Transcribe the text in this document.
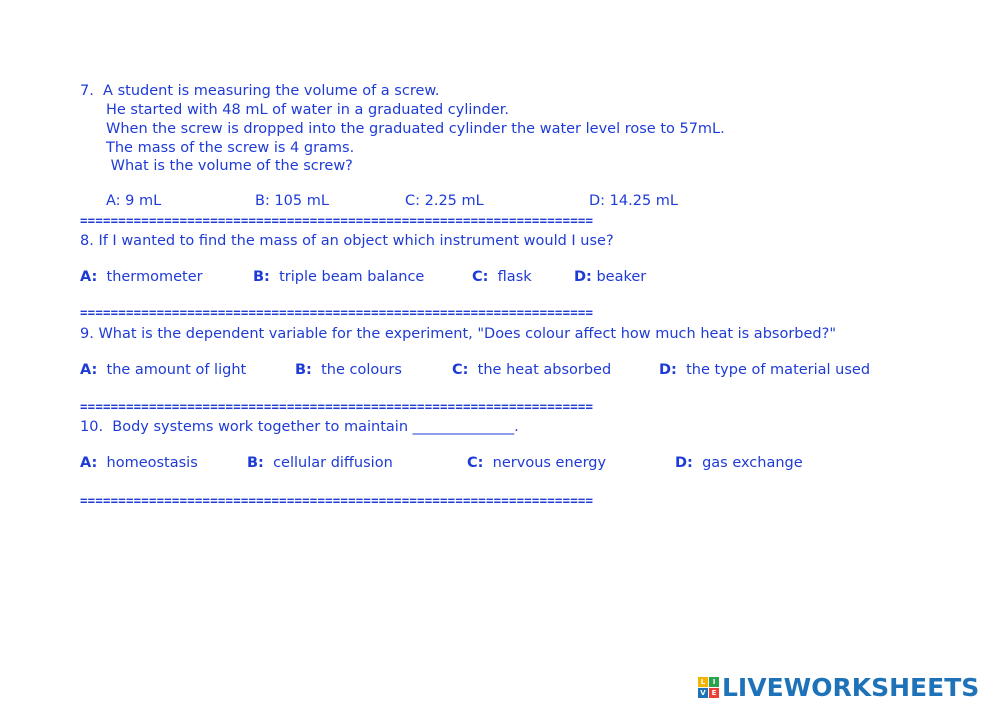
7.  A student is measuring the volume of a screw.
He started with 48 mL of water in a graduated cylinder.
When the screw is dropped into the graduated cylinder the water level rose to 57mL.
The mass of the screw is 4 grams.
What is the volume of the screw?
A: 9 mL	B: 105 mL	C: 2.25 mL	D: 14.25 mL
===================================================================
8. If I wanted to find the mass of an object which instrument would I use?
A: thermometer	B: triple beam balance	C: flask	D: beaker
===================================================================
9. What is the dependent variable for the experiment, "Does colour affect how much heat is absorbed?"
A: the amount of light	B: the colours	C: the heat absorbed	D: the type of material used
===================================================================
10.  Body systems work together to maintain ______________.
A: homeostasis	B: cellular diffusion	C: nervous energy	D: gas exchange
===================================================================
L	I
V E LIVEWORKSHEETS
